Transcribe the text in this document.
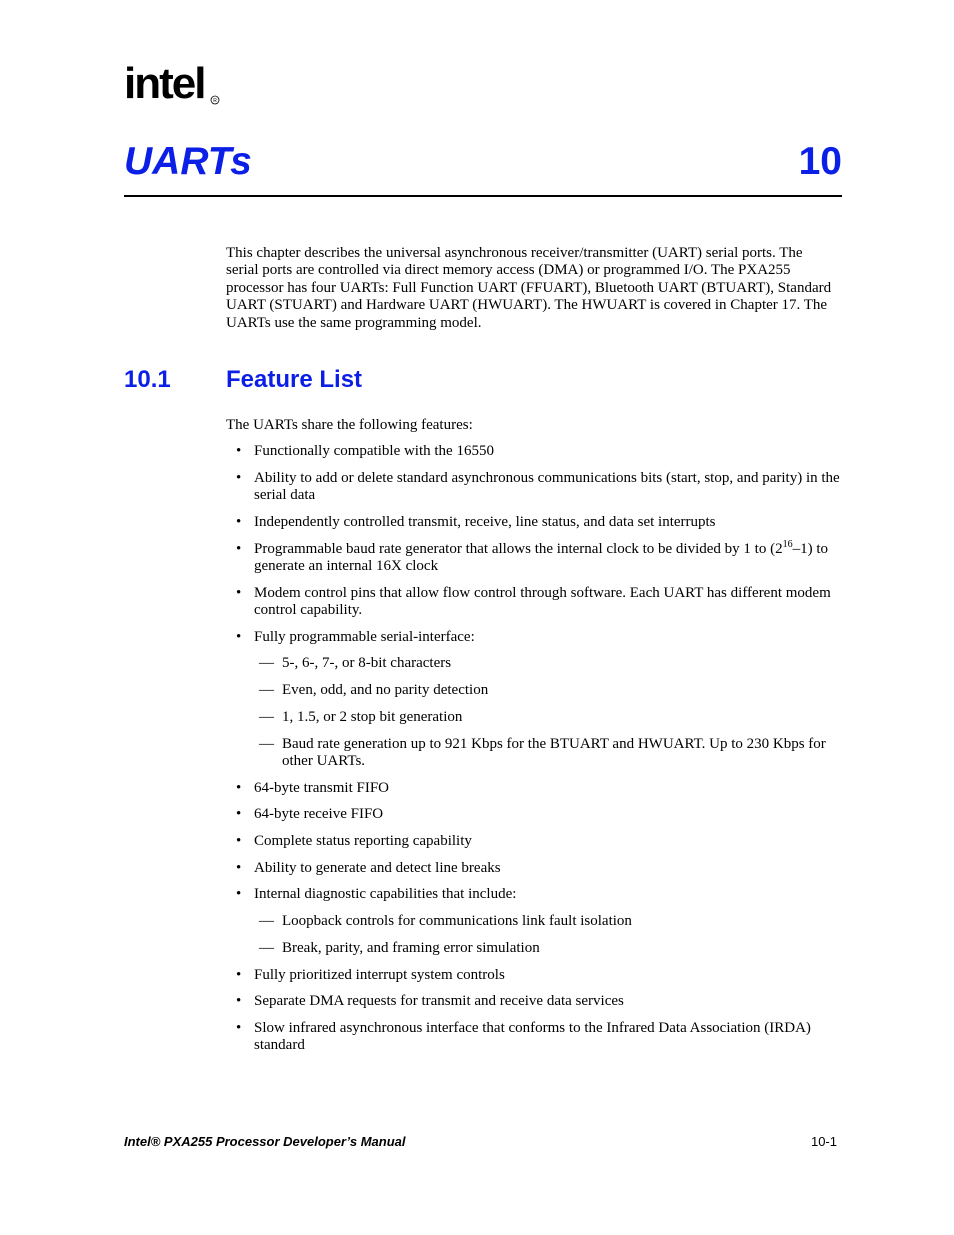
intel R
UARTs	10

This chapter describes the universal asynchronous receiver/transmitter (UART) serial ports. The serial ports are controlled via direct memory access (DMA) or programmed I/O. The PXA255 processor has four UARTs: Full Function UART (FFUART), Bluetooth UART (BTUART), Standard UART (STUART) and Hardware UART (HWUART). The HWUART is covered in Chapter 17. The UARTs use the same programming model.

10.1 Feature List

The UARTs share the following features:

• Functionally compatible with the 16550
• Ability to add or delete standard asynchronous communications bits (start, stop, and parity) in the serial data
• Independently controlled transmit, receive, line status, and data set interrupts
• Programmable baud rate generator that allows the internal clock to be divided by 1 to $(2^{16}-1)$ to generate an internal 16X clock
• Modem control pins that allow flow control through software. Each UART has different modem control capability.
• Fully programmable serial-interface:
— 5-, 6-, 7-, or 8-bit characters
— Even, odd, and no parity detection
— 1, 1.5, or 2 stop bit generation
— Baud rate generation up to 921 Kbps for the BTUART and HWUART. Up to 230 Kbps for other UARTs.
• 64-byte transmit FIFO
• 64-byte receive FIFO
• Complete status reporting capability
• Ability to generate and detect line breaks
• Internal diagnostic capabilities that include:
— Loopback controls for communications link fault isolation
— Break, parity, and framing error simulation
• Fully prioritized interrupt system controls
• Separate DMA requests for transmit and receive data services
• Slow infrared asynchronous interface that conforms to the Infrared Data Association (IRDA) standard
Intel® PXA255 Processor Developer’s Manual	10-1
